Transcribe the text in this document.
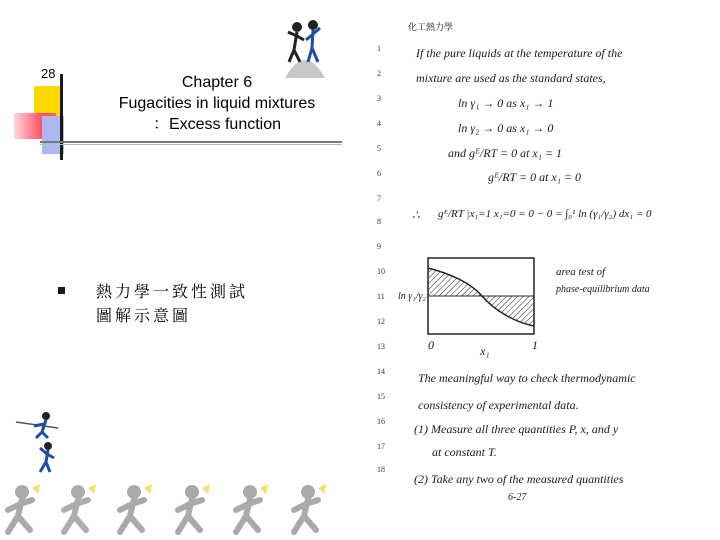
28
Chapter 6
Fugacities in liquid mixtures
：Excess function
熱力學一致性測試
圖解示意圖
化工熱力學
1
2
3
4
5
6
7
8
9
10
11
12
13
14
15
16
17
18
If the pure liquids at the temperature of the
mixture are used as the standard states,
ln γ₁ → 0 as x₁ → 1
ln γ₂ → 0 as x₁ → 0
and gᴱ/RT = 0 at x₁ = 1
gᴱ/RT = 0 at x₁ = 0
∴ gᴱ/RT |x₁=1 x₁=0 = 0 − 0 = ∫₀¹ ln (γ₁/γ₂) dx₁ = 0
ln γ₁/γ₂
0	1
x₁
area test of
phase-equilibrium data
The meaningful way to check thermodynamic
consistency of experimental data.
(1) Measure all three quantities P, x, and y
at constant T.
(2) Take any two of the measured quantities
6-27
